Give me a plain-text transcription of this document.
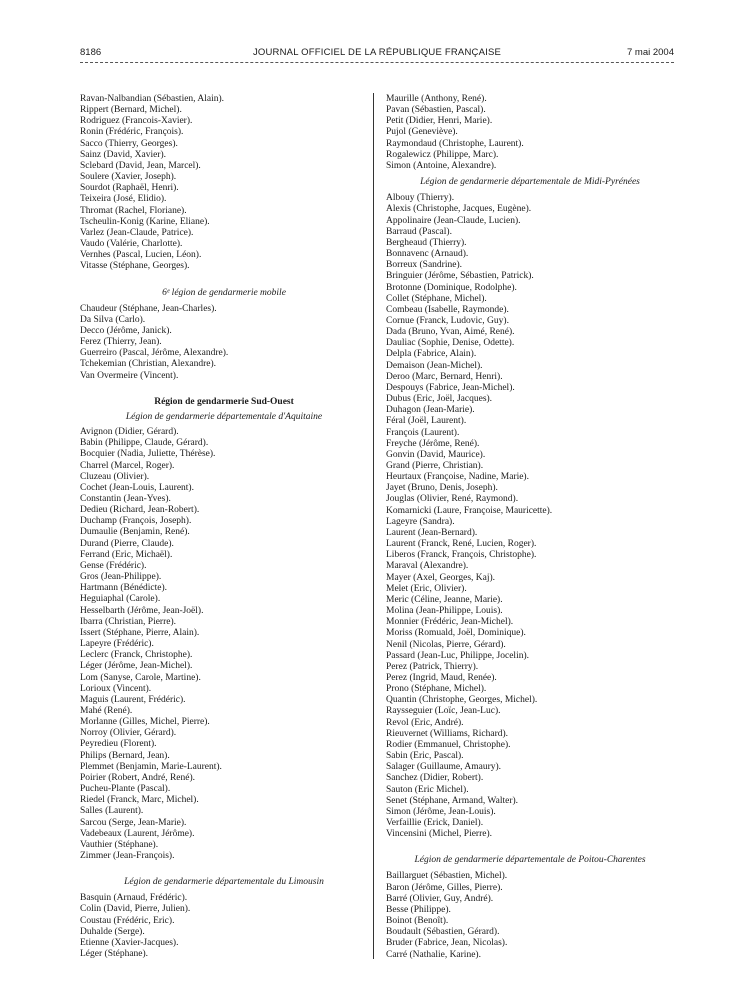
8186	JOURNAL OFFICIEL DE LA RÉPUBLIQUE FRANÇAISE	7 mai 2004
Ravan-Nalbandian (Sébastien, Alain).
Rippert (Bernard, Michel).
Rodriguez (Francois-Xavier).
Ronin (Frédéric, François).
Sacco (Thierry, Georges).
Sainz (David, Xavier).
Sclebard (David, Jean, Marcel).
Soulere (Xavier, Joseph).
Sourdot (Raphaël, Henri).
Teixeira (José, Elidio).
Thromat (Rachel, Floriane).
Tscheulin-Konig (Karine, Eliane).
Varlez (Jean-Claude, Patrice).
Vaudo (Valérie, Charlotte).
Vernhes (Pascal, Lucien, Léon).
Vitasse (Stéphane, Georges).
6ᵉ légion de gendarmerie mobile
Chaudeur (Stéphane, Jean-Charles).
Da Silva (Carlo).
Decco (Jérôme, Janick).
Ferez (Thierry, Jean).
Guerreiro (Pascal, Jérôme, Alexandre).
Tchekemian (Christian, Alexandre).
Van Overmeire (Vincent).
Région de gendarmerie Sud-Ouest
Légion de gendarmerie départementale d'Aquitaine
Avignon (Didier, Gérard).
Babin (Philippe, Claude, Gérard).
Bocquier (Nadia, Juliette, Thérèse).
Charrel (Marcel, Roger).
Cluzeau (Olivier).
Cochet (Jean-Louis, Laurent).
Constantin (Jean-Yves).
Dedieu (Richard, Jean-Robert).
Duchamp (François, Joseph).
Dumaulie (Benjamin, René).
Durand (Pierre, Claude).
Ferrand (Eric, Michaël).
Gense (Frédéric).
Gros (Jean-Philippe).
Hartmann (Bénédicte).
Heguiaphal (Carole).
Hesselbarth (Jérôme, Jean-Joël).
Ibarra (Christian, Pierre).
Issert (Stéphane, Pierre, Alain).
Lapeyre (Frédéric).
Leclerc (Franck, Christophe).
Léger (Jérôme, Jean-Michel).
Lom (Sanyse, Carole, Martine).
Lorioux (Vincent).
Maguis (Laurent, Frédéric).
Mahé (René).
Morlanne (Gilles, Michel, Pierre).
Norroy (Olivier, Gérard).
Peyredieu (Florent).
Philips (Bernard, Jean).
Plemmet (Benjamin, Marie-Laurent).
Poirier (Robert, André, René).
Pucheu-Plante (Pascal).
Riedel (Franck, Marc, Michel).
Salles (Laurent).
Sarcou (Serge, Jean-Marie).
Vadebeaux (Laurent, Jérôme).
Vauthier (Stéphane).
Zimmer (Jean-François).
Légion de gendarmerie départementale du Limousin
Basquin (Arnaud, Frédéric).
Colin (David, Pierre, Julien).
Coustau (Frédéric, Eric).
Duhalde (Serge).
Etienne (Xavier-Jacques).
Léger (Stéphane).
Maurille (Anthony, René).
Pavan (Sébastien, Pascal).
Petit (Didier, Henri, Marie).
Pujol (Geneviève).
Raymondaud (Christophe, Laurent).
Rogalewicz (Philippe, Marc).
Simon (Antoine, Alexandre).
Légion de gendarmerie départementale de Midi-Pyrénées
Albouy (Thierry).
Alexis (Christophe, Jacques, Eugène).
Appolinaire (Jean-Claude, Lucien).
Barraud (Pascal).
Bergheaud (Thierry).
Bonnavenc (Arnaud).
Borreux (Sandrine).
Bringuier (Jérôme, Sébastien, Patrick).
Brotonne (Dominique, Rodolphe).
Collet (Stéphane, Michel).
Combeau (Isabelle, Raymonde).
Cornue (Franck, Ludovic, Guy).
Dada (Bruno, Yvan, Aimé, René).
Dauliac (Sophie, Denise, Odette).
Delpla (Fabrice, Alain).
Demaison (Jean-Michel).
Deroo (Marc, Bernard, Henri).
Despouys (Fabrice, Jean-Michel).
Dubus (Eric, Joël, Jacques).
Duhagon (Jean-Marie).
Féral (Joël, Laurent).
François (Laurent).
Freyche (Jérôme, René).
Gonvin (David, Maurice).
Grand (Pierre, Christian).
Heurtaux (Françoise, Nadine, Marie).
Jayet (Bruno, Denis, Joseph).
Jouglas (Olivier, René, Raymond).
Komarnicki (Laure, Françoise, Mauricette).
Lageyre (Sandra).
Laurent (Jean-Bernard).
Laurent (Franck, René, Lucien, Roger).
Liberos (Franck, François, Christophe).
Maraval (Alexandre).
Mayer (Axel, Georges, Kaj).
Melet (Eric, Olivier).
Meric (Céline, Jeanne, Marie).
Molina (Jean-Philippe, Louis).
Monnier (Frédéric, Jean-Michel).
Moriss (Romuald, Joël, Dominique).
Nenil (Nicolas, Pierre, Gérard).
Passard (Jean-Luc, Philippe, Jocelin).
Perez (Patrick, Thierry).
Perez (Ingrid, Maud, Renée).
Prono (Stéphane, Michel).
Quantin (Christophe, Georges, Michel).
Raysseguier (Loïc, Jean-Luc).
Revol (Eric, André).
Rieuvernet (Williams, Richard).
Rodier (Emmanuel, Christophe).
Sabin (Eric, Pascal).
Salager (Guillaume, Amaury).
Sanchez (Didier, Robert).
Sauton (Eric Michel).
Senet (Stéphane, Armand, Walter).
Simon (Jérôme, Jean-Louis).
Verfaillie (Erick, Daniel).
Vincensini (Michel, Pierre).
Légion de gendarmerie départementale de Poitou-Charentes
Baillarguet (Sébastien, Michel).
Baron (Jérôme, Gilles, Pierre).
Barré (Olivier, Guy, André).
Besse (Philippe).
Boinot (Benoît).
Boudault (Sébastien, Gérard).
Bruder (Fabrice, Jean, Nicolas).
Carré (Nathalie, Karine).
